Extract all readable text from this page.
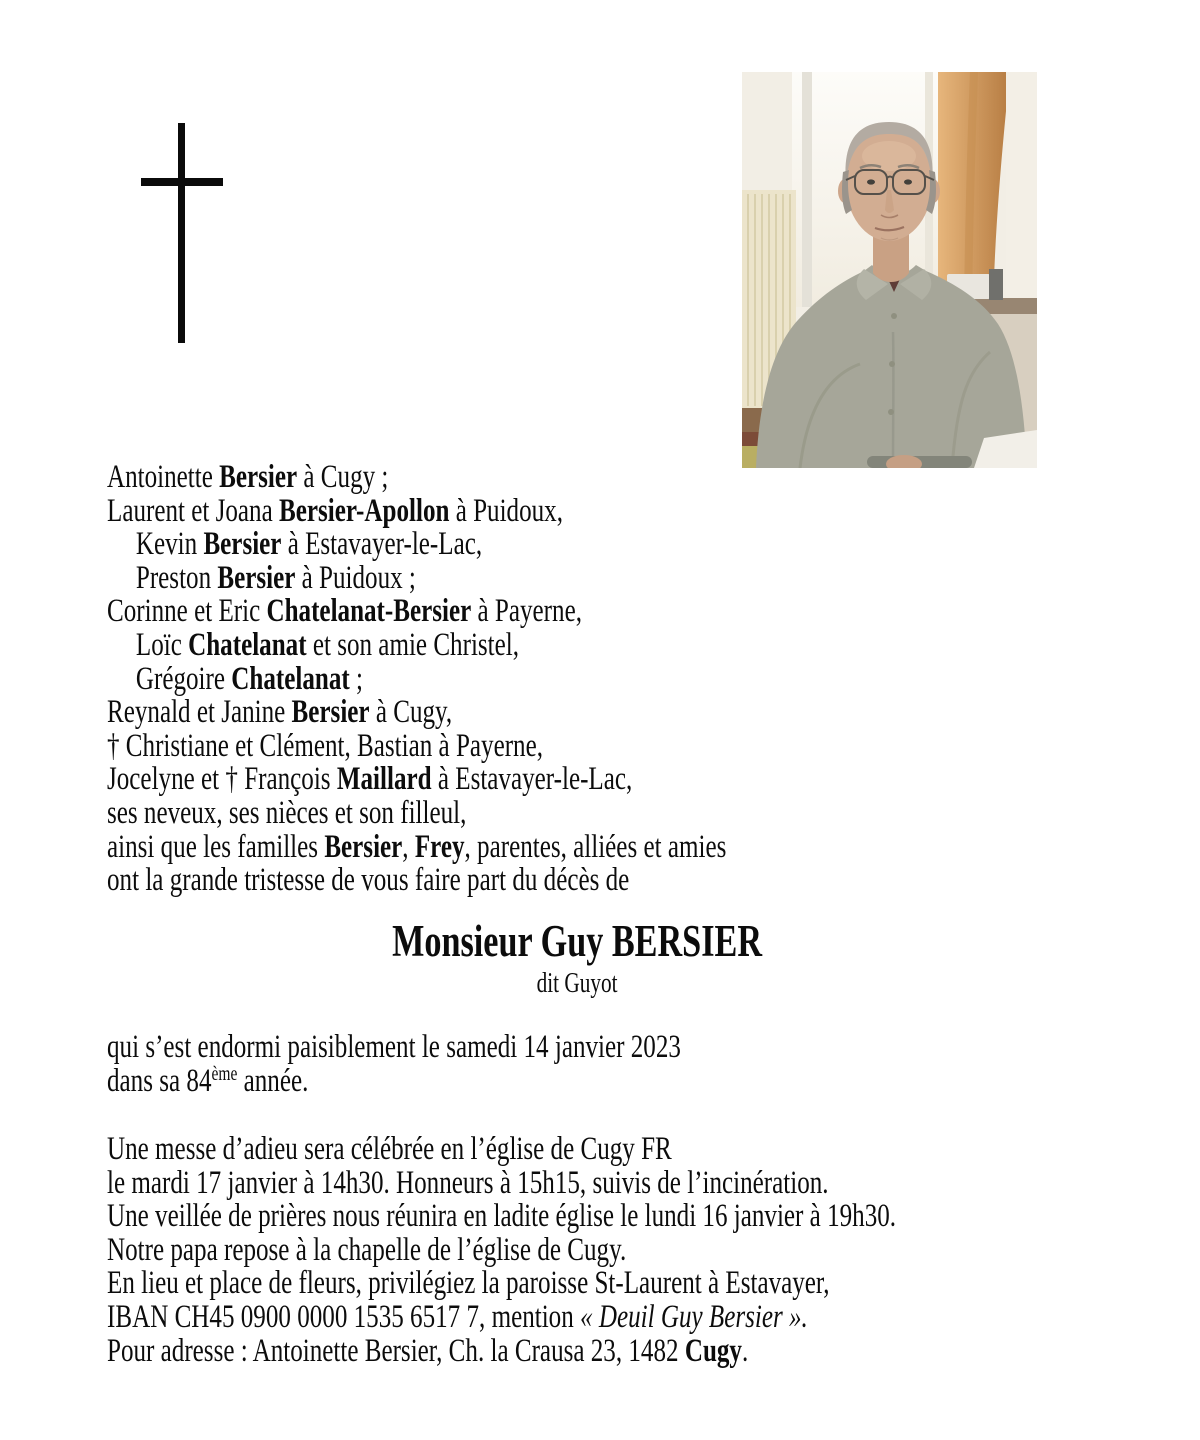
Antoinette Bersier à Cugy ;
Laurent et Joana Bersier-Apollon à Puidoux,
Kevin Bersier à Estavayer-le-Lac,
Preston Bersier à Puidoux ;
Corinne et Eric Chatelanat-Bersier à Payerne,
Loïc Chatelanat et son amie Christel,
Grégoire Chatelanat ;
Reynald et Janine Bersier à Cugy,
† Christiane et Clément, Bastian à Payerne,
Jocelyne et † François Maillard à Estavayer-le-Lac,
ses neveux, ses nièces et son filleul,
ainsi que les familles Bersier, Frey, parentes, alliées et amies
ont la grande tristesse de vous faire part du décès de
Monsieur Guy BERSIER
dit Guyot
qui s’est endormi paisiblement le samedi 14 janvier 2023
dans sa 84ème année.
Une messe d’adieu sera célébrée en l’église de Cugy FR
le mardi 17 janvier à 14h30. Honneurs à 15h15, suivis de l’incinération.
Une veillée de prières nous réunira en ladite église le lundi 16 janvier à 19h30.
Notre papa repose à la chapelle de l’église de Cugy.
En lieu et place de fleurs, privilégiez la paroisse St-Laurent à Estavayer,
IBAN CH45 0900 0000 1535 6517 7, mention « Deuil Guy Bersier ».
Pour adresse : Antoinette Bersier, Ch. la Crausa 23, 1482 Cugy.
